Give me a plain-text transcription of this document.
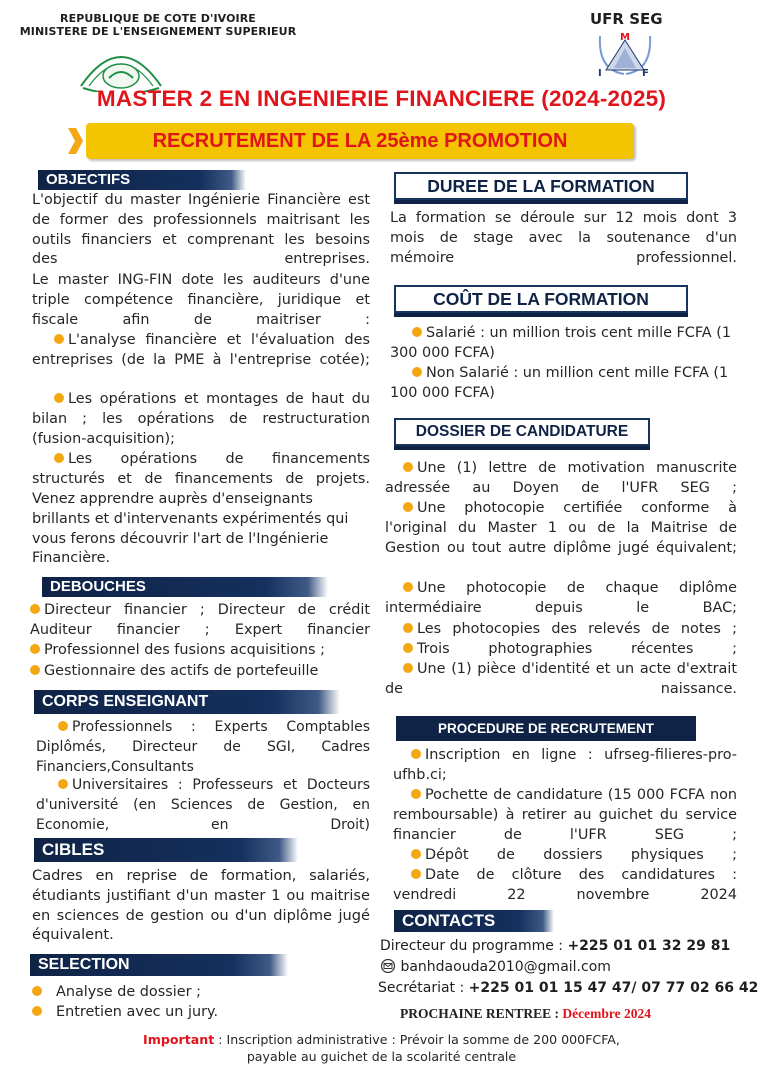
REPUBLIQUE DE COTE D'IVOIRE
MINISTERE DE L'ENSEIGNEMENT SUPERIEUR
UFR SEG
M
I	F
MASTER 2 EN INGENIERIE FINANCIERE (2024-2025)
RECRUTEMENT DE LA 25ème PROMOTION
OBJECTIFS
L'objectif du master Ingénierie Financière est de former des professionnels maitrisant les outils financiers et comprenant les besoins des entreprises.
Le master ING-FIN dote les auditeurs d'une triple compétence financière, juridique et fiscale afin de maitriser :
L'analyse financière et l'évaluation des entreprises (de la PME à l'entreprise cotée);
Les opérations et montages de haut du bilan ; les opérations de restructuration (fusion-acquisition);
Les opérations de financements structurés et de financements de projets.
Venez apprendre auprès d'enseignants brillants et d'intervenants expérimentés qui vous ferons découvrir l'art de l'Ingénierie Financière.
DEBOUCHES
Directeur financier ; Directeur de crédit Auditeur financier ; Expert financier
Professionnel des fusions acquisitions ;
Gestionnaire des actifs de portefeuille
CORPS ENSEIGNANT
Professionnels : Experts Comptables Diplômés, Directeur de SGI, Cadres Financiers,Consultants
Universitaires : Professeurs et Docteurs d'université (en Sciences de Gestion, en Economie, en Droit)
CIBLES
Cadres en reprise de formation, salariés, étudiants justifiant d'un master 1 ou maitrise en sciences de gestion ou d'un diplôme jugé équivalent.
SELECTION
Analyse de dossier ;
Entretien avec un jury.
DUREE DE LA FORMATION
La formation se déroule sur 12 mois dont 3 mois de stage avec la soutenance d'un mémoire professionnel.
COÛT DE LA FORMATION
Salarié : un million trois cent mille FCFA (1 300 000 FCFA)
Non Salarié : un million cent mille FCFA (1 100 000 FCFA)
DOSSIER DE CANDIDATURE
Une (1) lettre de motivation manuscrite adressée au Doyen de l'UFR SEG ;
Une photocopie certifiée conforme à l'original du Master 1 ou de la Maitrise de Gestion ou tout autre diplôme jugé équivalent;
Une photocopie de chaque diplôme intermédiaire depuis le BAC;
Les photocopies des relevés de notes ;
Trois photographies récentes ;
Une (1) pièce d'identité et un acte d'extrait de naissance.
PROCEDURE DE RECRUTEMENT
Inscription en ligne : ufrseg-filieres-pro-ufhb.ci;
Pochette de candidature (15 000 FCFA non remboursable) à retirer au guichet du service financier de l'UFR SEG ;
Dépôt de dossiers physiques ;
Date de clôture des candidatures : vendredi 22 novembre 2024
CONTACTS
Directeur du programme : +225 01 01 32 29 81
banhdaouda2010@gmail.com
Secrétariat : +225 01 01 15 47 47/ 07 77 02 66 42
PROCHAINE RENTREE : Décembre 2024
Important : Inscription administrative : Prévoir la somme de 200 000FCFA,
payable au guichet de la scolarité centrale
